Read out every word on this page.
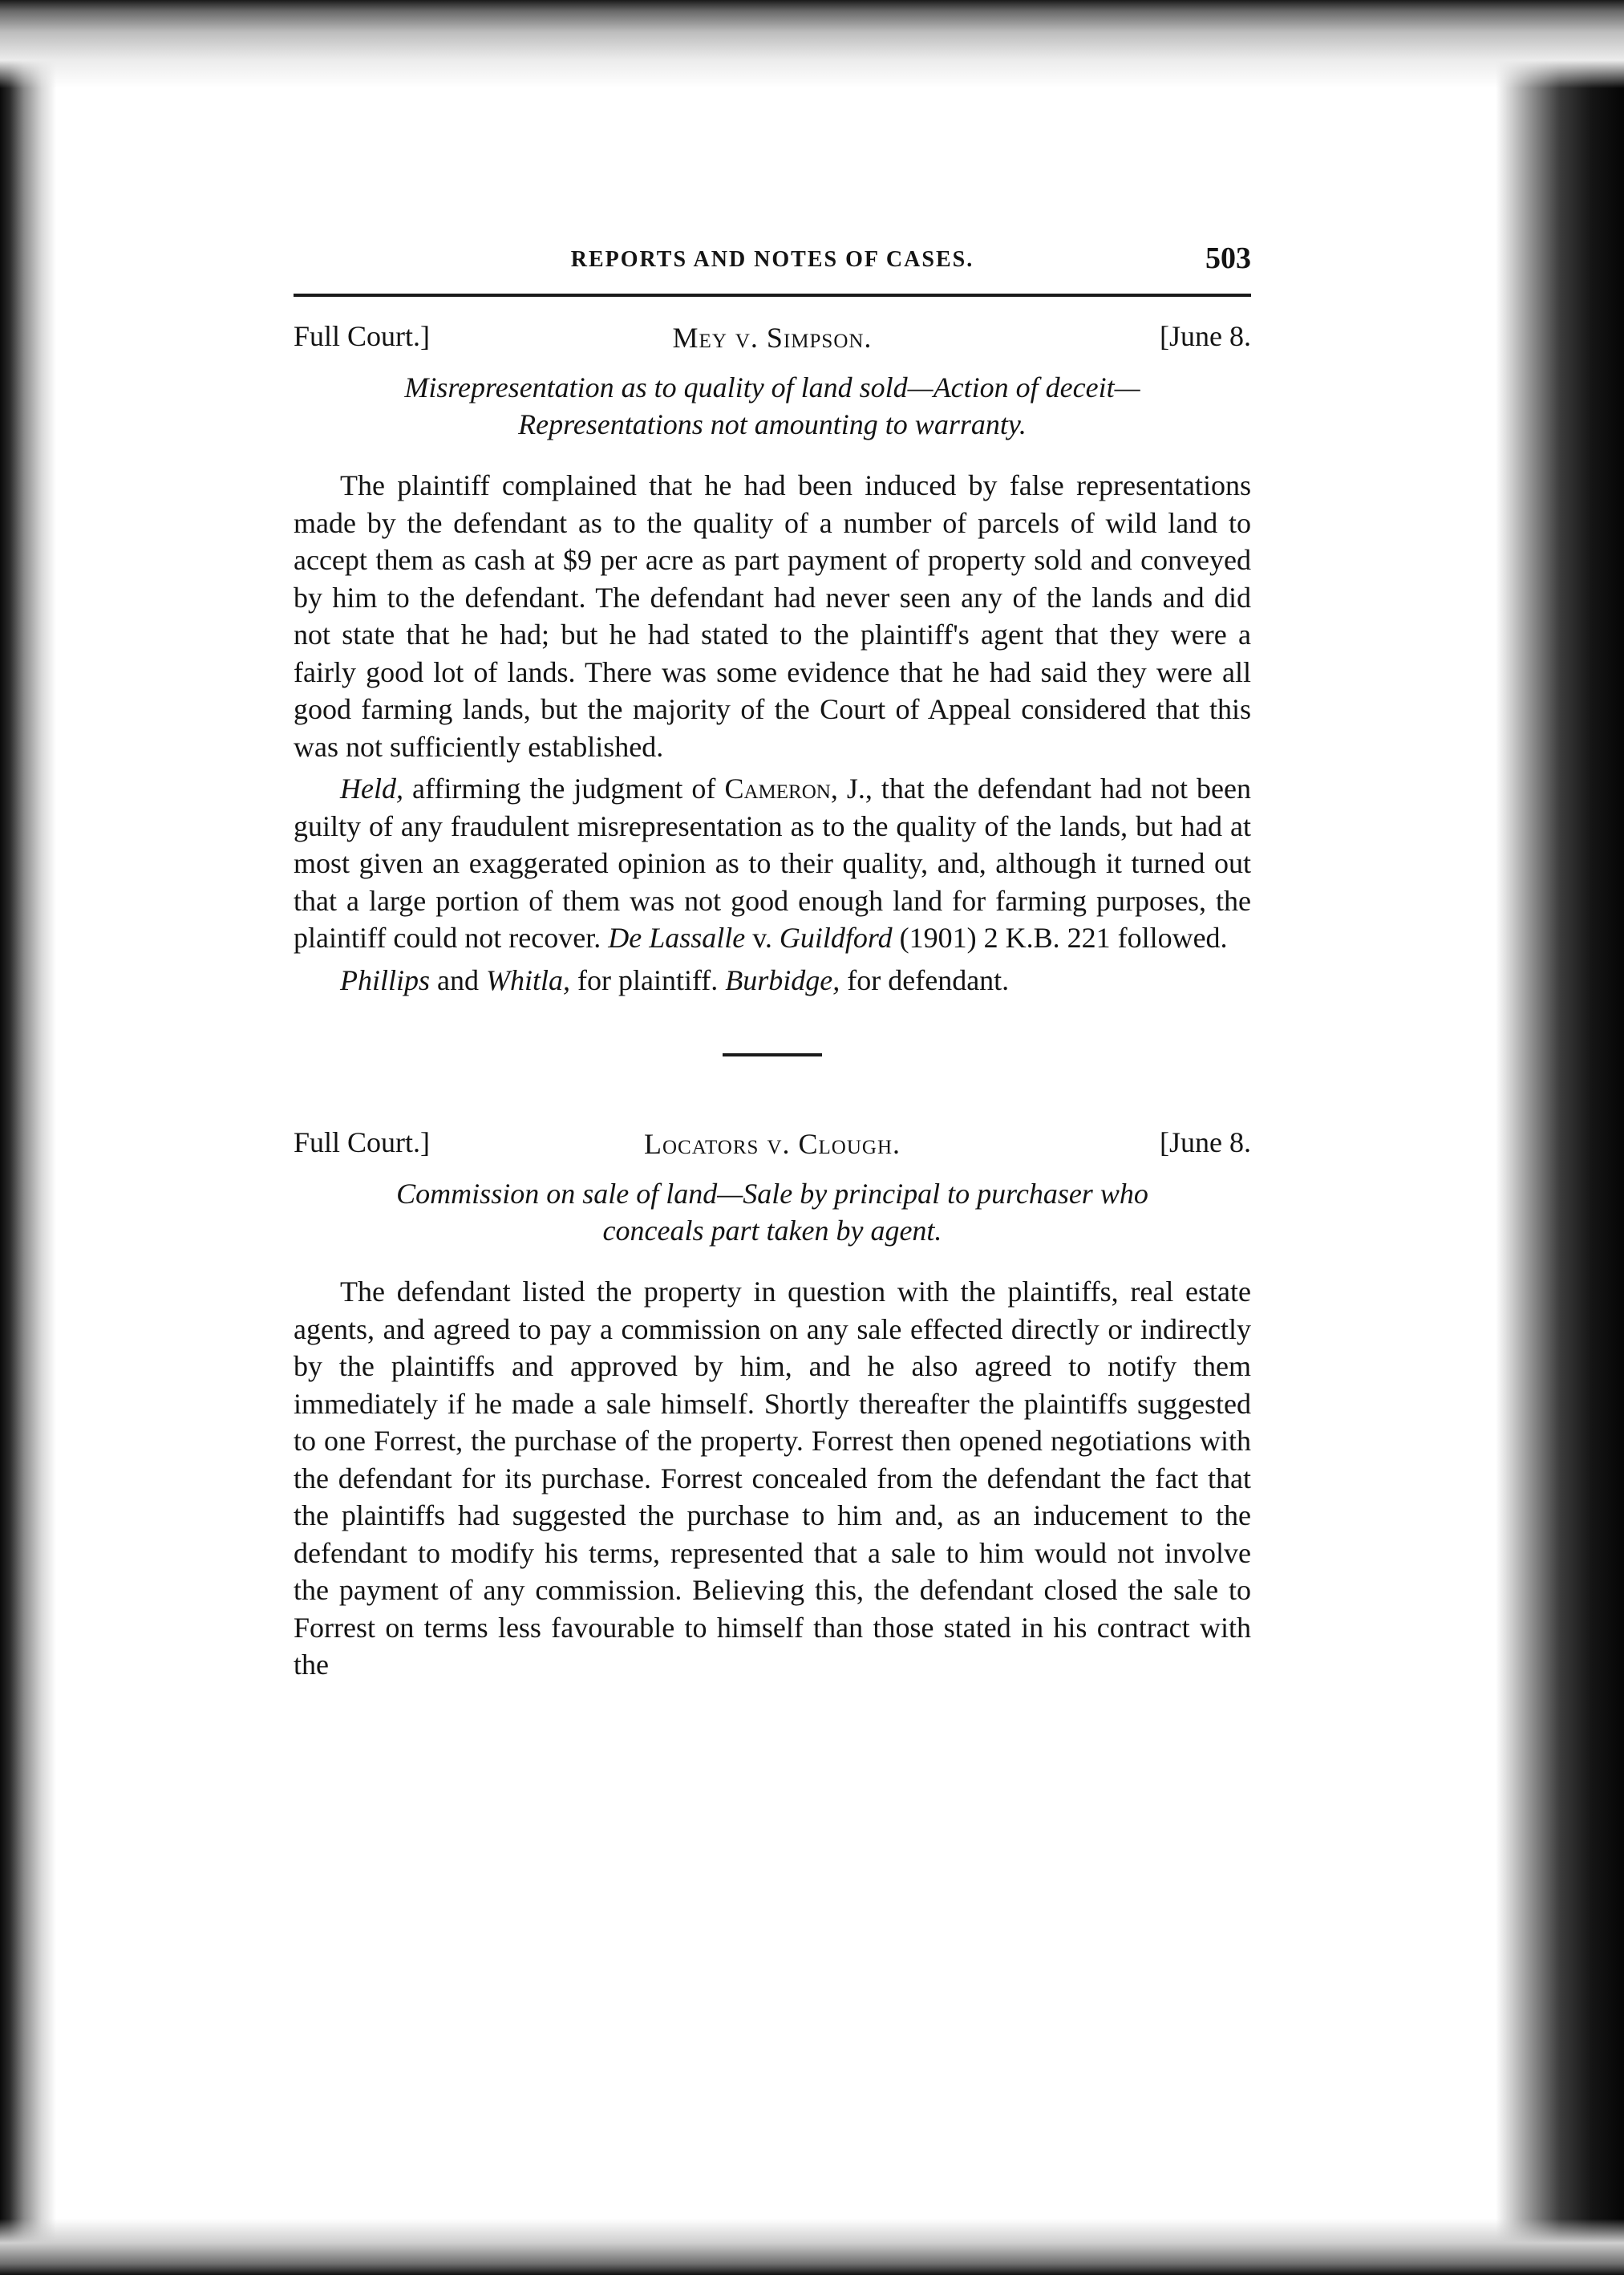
REPORTS AND NOTES OF CASES.	503
Full Court.]	Mey v. Simpson.	[June 8.
Misrepresentation as to quality of land sold—Action of deceit—
Representations not amounting to warranty.

The plaintiff complained that he had been induced by false representations made by the defendant as to the quality of a number of parcels of wild land to accept them as cash at $9 per acre as part payment of property sold and conveyed by him to the defendant. The defendant had never seen any of the lands and did not state that he had; but he had stated to the plaintiff's agent that they were a fairly good lot of lands. There was some evidence that he had said they were all good farming lands, but the majority of the Court of Appeal considered that this was not sufficiently established.

Held, affirming the judgment of Cameron, J., that the defendant had not been guilty of any fraudulent misrepresentation as to the quality of the lands, but had at most given an exaggerated opinion as to their quality, and, although it turned out that a large portion of them was not good enough land for farming purposes, the plaintiff could not recover. De Lassalle v. Guildford (1901) 2 K.B. 221 followed.

Phillips and Whitla, for plaintiff. Burbidge, for defendant.

Full Court.]	Locators v. Clough.	[June 8.
Commission on sale of land—Sale by principal to purchaser who
conceals part taken by agent.

The defendant listed the property in question with the plaintiffs, real estate agents, and agreed to pay a commission on any sale effected directly or indirectly by the plaintiffs and approved by him, and he also agreed to notify them immediately if he made a sale himself. Shortly thereafter the plaintiffs suggested to one Forrest, the purchase of the property. Forrest then opened negotiations with the defendant for its purchase. Forrest concealed from the defendant the fact that the plaintiffs had suggested the purchase to him and, as an inducement to the defendant to modify his terms, represented that a sale to him would not involve the payment of any commission. Believing this, the defendant closed the sale to Forrest on terms less favourable to himself than those stated in his contract with the
